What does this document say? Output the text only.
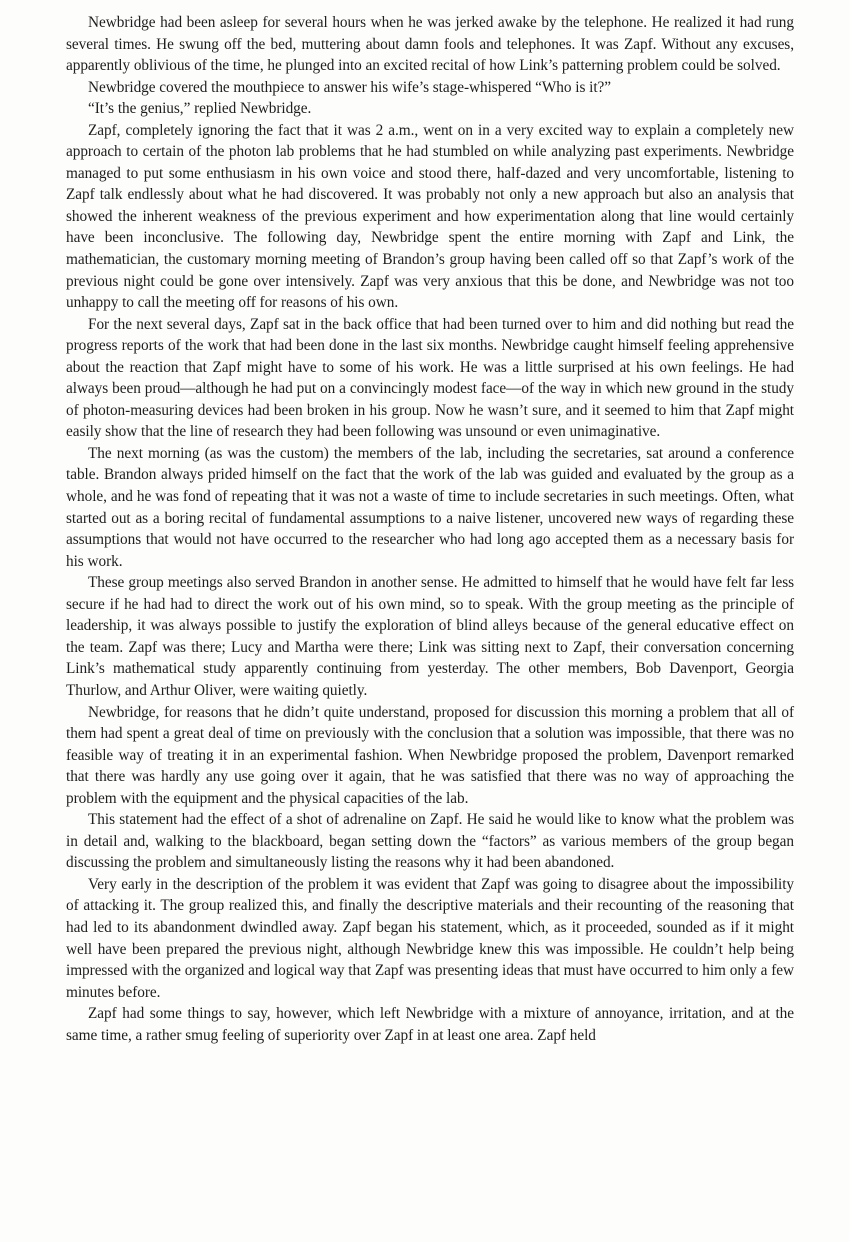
Newbridge had been asleep for several hours when he was jerked awake by the telephone. He realized it had rung several times. He swung off the bed, muttering about damn fools and telephones. It was Zapf. Without any excuses, apparently oblivious of the time, he plunged into an excited recital of how Link’s patterning problem could be solved.

Newbridge covered the mouthpiece to answer his wife’s stage-whispered “Who is it?”

“It’s the genius,” replied Newbridge.

Zapf, completely ignoring the fact that it was 2 a.m., went on in a very excited way to explain a completely new approach to certain of the photon lab problems that he had stumbled on while analyzing past experiments. Newbridge managed to put some enthusiasm in his own voice and stood there, half-dazed and very uncomfortable, listening to Zapf talk endlessly about what he had discovered. It was probably not only a new approach but also an analysis that showed the inherent weakness of the previous experiment and how experimentation along that line would certainly have been inconclusive. The following day, Newbridge spent the entire morning with Zapf and Link, the mathematician, the customary morning meeting of Brandon’s group having been called off so that Zapf’s work of the previous night could be gone over intensively. Zapf was very anxious that this be done, and Newbridge was not too unhappy to call the meeting off for reasons of his own.

For the next several days, Zapf sat in the back office that had been turned over to him and did nothing but read the progress reports of the work that had been done in the last six months. Newbridge caught himself feeling apprehensive about the reaction that Zapf might have to some of his work. He was a little surprised at his own feelings. He had always been proud—although he had put on a convincingly modest face—of the way in which new ground in the study of photon-measuring devices had been broken in his group. Now he wasn’t sure, and it seemed to him that Zapf might easily show that the line of research they had been following was unsound or even unimaginative.

The next morning (as was the custom) the members of the lab, including the secretaries, sat around a conference table. Brandon always prided himself on the fact that the work of the lab was guided and evaluated by the group as a whole, and he was fond of repeating that it was not a waste of time to include secretaries in such meetings. Often, what started out as a boring recital of fundamental assumptions to a naive listener, uncovered new ways of regarding these assumptions that would not have occurred to the researcher who had long ago accepted them as a necessary basis for his work.

These group meetings also served Brandon in another sense. He admitted to himself that he would have felt far less secure if he had had to direct the work out of his own mind, so to speak. With the group meeting as the principle of leadership, it was always possible to justify the exploration of blind alleys because of the general educative effect on the team. Zapf was there; Lucy and Martha were there; Link was sitting next to Zapf, their conversation concerning Link’s mathematical study apparently continuing from yesterday. The other members, Bob Davenport, Georgia Thurlow, and Arthur Oliver, were waiting quietly.

Newbridge, for reasons that he didn’t quite understand, proposed for discussion this morning a problem that all of them had spent a great deal of time on previously with the conclusion that a solution was impossible, that there was no feasible way of treating it in an experimental fashion. When Newbridge proposed the problem, Davenport remarked that there was hardly any use going over it again, that he was satisfied that there was no way of approaching the problem with the equipment and the physical capacities of the lab.

This statement had the effect of a shot of adrenaline on Zapf. He said he would like to know what the problem was in detail and, walking to the blackboard, began setting down the “factors” as various members of the group began discussing the problem and simultaneously listing the reasons why it had been abandoned.

Very early in the description of the problem it was evident that Zapf was going to disagree about the impossibility of attacking it. The group realized this, and finally the descriptive materials and their recounting of the reasoning that had led to its abandonment dwindled away. Zapf began his statement, which, as it proceeded, sounded as if it might well have been prepared the previous night, although Newbridge knew this was impossible. He couldn’t help being impressed with the organized and logical way that Zapf was presenting ideas that must have occurred to him only a few minutes before.

Zapf had some things to say, however, which left Newbridge with a mixture of annoyance, irritation, and at the same time, a rather smug feeling of superiority over Zapf in at least one area. Zapf held
